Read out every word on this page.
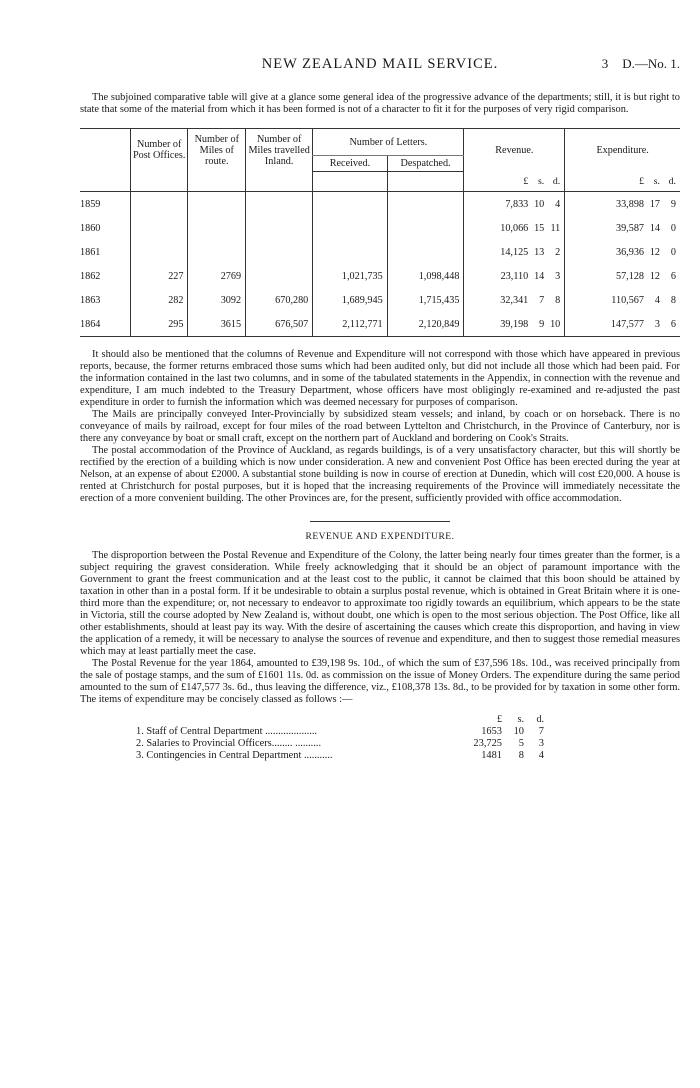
NEW ZEALAND MAIL SERVICE.	3 D.—No. 1.

The subjoined comparative table will give at a glance some general idea of the progressive advance of the departments; still, it is but right to state that some of the material from which it has been formed is not of a character to fit it for the purposes of very rigid comparison.

	Number of Post Offices.	Number of Miles of route.	Number of Miles travelled Inland.	Number of Letters.		Revenue.	Expenditure.
				Received.	Despatched.		
						£ s. d.	£ s. d.
1859						7,833 10 4	33,898 17 9
1860						10,066 15 11	39,587 14 0
1861						14,125 13 2	36,936 12 0
1862	227	2769		1,021,735	1,098,448	23,110 14 3	57,128 12 6
1863	282	3092	670,280	1,689,945	1,715,435	32,341 7 8	110,567 4 8
1864	295	3615	676,507	2,112,771	2,120,849	39,198 9 10	147,577 3 6

It should also be mentioned that the columns of Revenue and Expenditure will not correspond with those which have appeared in previous reports, because, the former returns embraced those sums which had been audited only, but did not include all those which had been paid. For the information contained in the last two columns, and in some of the tabulated statements in the Appendix, in connection with the revenue and expenditure, I am much indebted to the Treasury Department, whose officers have most obligingly re-examined and re-adjusted the past expenditure in order to furnish the information which was deemed necessary for purposes of comparison.

The Mails are principally conveyed Inter-Provincially by subsidized steam vessels; and inland, by coach or on horseback. There is no conveyance of mails by railroad, except for four miles of the road between Lyttelton and Christchurch, in the Province of Canterbury, nor is there any conveyance by boat or small craft, except on the northern part of Auckland and bordering on Cook's Straits.

The postal accommodation of the Province of Auckland, as regards buildings, is of a very unsatisfactory character, but this will shortly be rectified by the erection of a building which is now under consideration. A new and convenient Post Office has been erected during the year at Nelson, at an expense of about £2000. A substantial stone building is now in course of erection at Dunedin, which will cost £20,000. A house is rented at Christchurch for postal purposes, but it is hoped that the increasing requirements of the Province will immediately necessitate the erection of a more convenient building. The other Provinces are, for the present, sufficiently provided with office accommodation.

REVENUE AND EXPENDITURE.

The disproportion between the Postal Revenue and Expenditure of the Colony, the latter being nearly four times greater than the former, is a subject requiring the gravest consideration. While freely acknowledging that it should be an object of paramount importance with the Government to grant the freest communication and at the least cost to the public, it cannot be claimed that this boon should be attained by taxation in other than in a postal form. If it be undesirable to obtain a surplus postal revenue, which is obtained in Great Britain where it is one-third more than the expenditure; or, not necessary to endeavor to approximate too rigidly towards an equilibrium, which appears to be the state in Victoria, still the course adopted by New Zealand is, without doubt, one which is open to the most serious objection. The Post Office, like all other establishments, should at least pay its way. With the desire of ascertaining the causes which create this disproportion, and having in view the application of a remedy, it will be necessary to analyse the sources of revenue and expenditure, and then to suggest those remedial measures which may at least partially meet the case.

The Postal Revenue for the year 1864, amounted to £39,198 9s. 10d., of which the sum of £37,596 18s. 10d., was received principally from the sale of postage stamps, and the sum of £1601 11s. 0d. as commission on the issue of Money Orders. The expenditure during the same period amounted to the sum of £147,577 3s. 6d., thus leaving the difference, viz., £108,378 13s. 8d., to be provided for by taxation in some other form. The items of expenditure may be concisely classed as follows :—

£ s. d.
1. Staff of Central Department ....................	1653 10 7
2. Salaries to Provincial Officers........ ..........	23,725 5 3
3. Contingencies in Central Department ...........	1481 8 4
